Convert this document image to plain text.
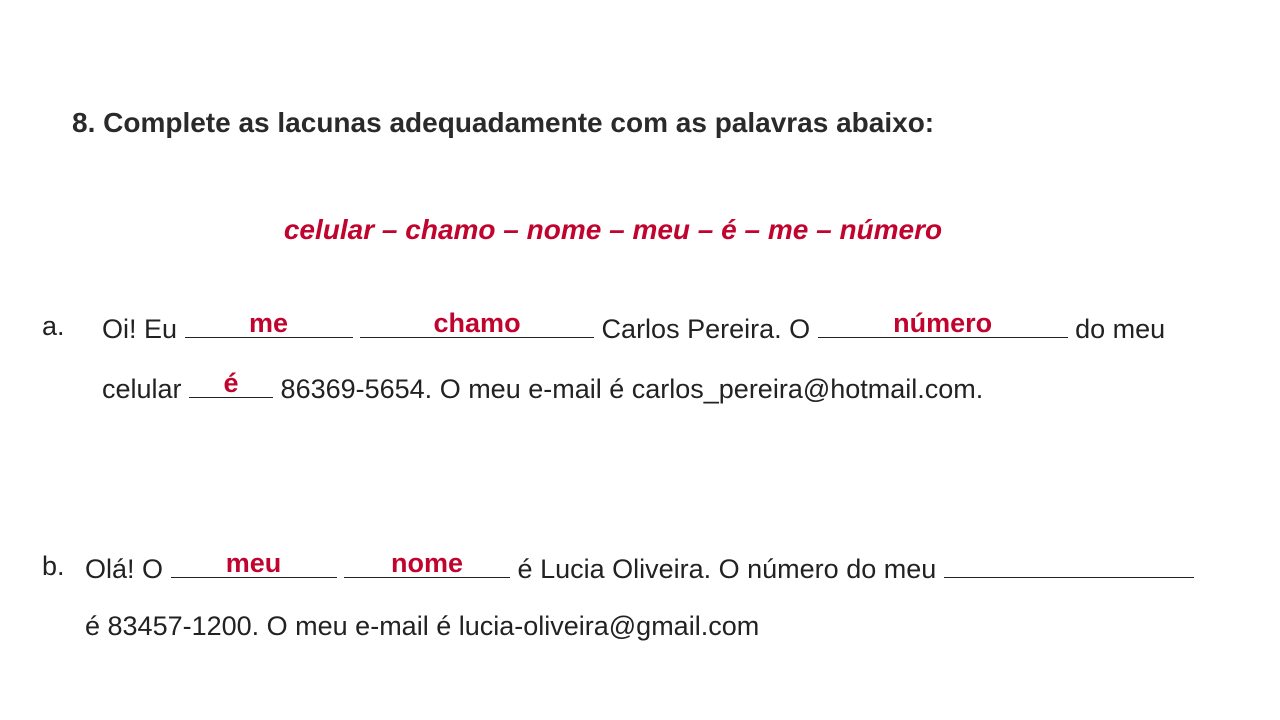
8. Complete as lacunas adequadamente com as palavras abaixo:
celular – chamo – nome – meu – é – me – número
a. Oi! Eu	me
	chamo	Carlos Pereira. O	número	do meu
celular	é	86369-5654. O meu e-mail é carlos_pereira@hotmail.com.
b. Olá! O	meu
	nome	é Lucia Oliveira. O número do meu
é 83457-1200. O meu e-mail é lucia-oliveira@gmail.com
